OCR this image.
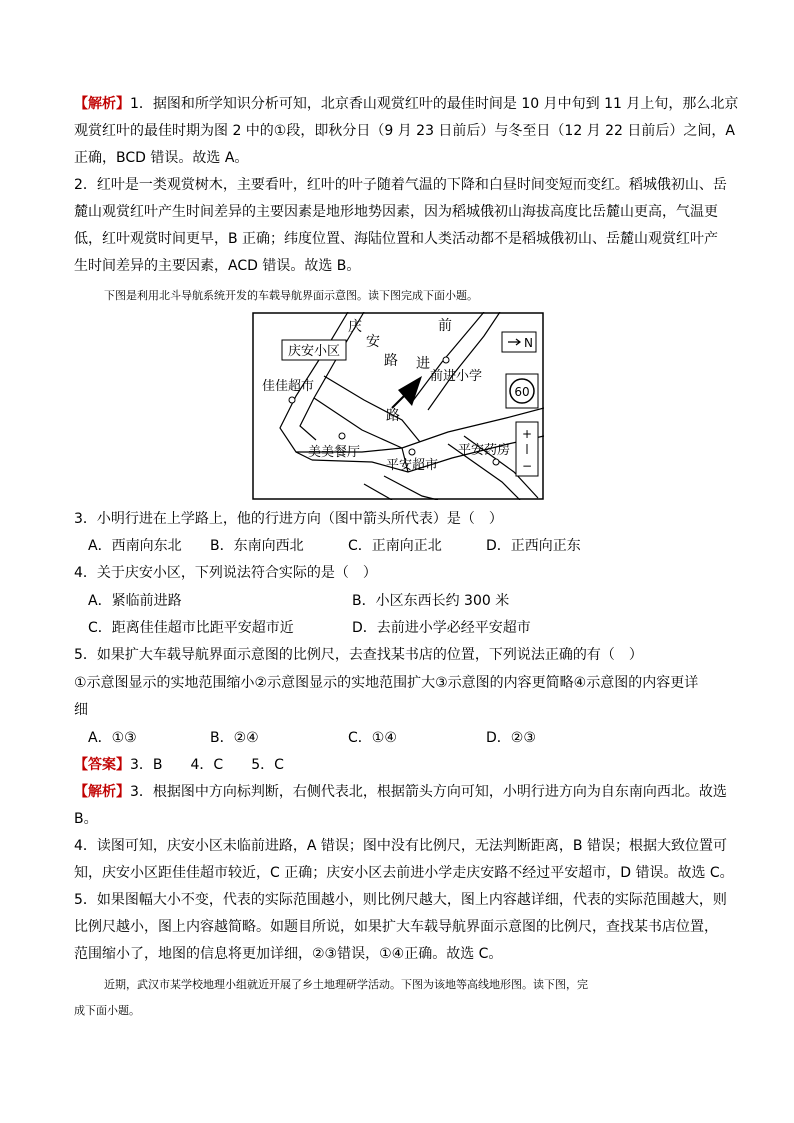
【解析】1．据图和所学知识分析可知，北京香山观赏红叶的最佳时间是 10 月中旬到 11 月上旬，那么北京
观赏红叶的最佳时期为图 2 中的①段，即秋分日（9 月 23 日前后）与冬至日（12 月 22 日前后）之间，A
正确，BCD 错误。故选 A。
2．红叶是一类观赏树木，主要看叶，红叶的叶子随着气温的下降和白昼时间变短而变红。稻城俄初山、岳
麓山观赏红叶产生时间差异的主要因素是地形地势因素，因为稻城俄初山海拔高度比岳麓山更高，气温更
低，红叶观赏时间更早，B 正确；纬度位置、海陆位置和人类活动都不是稻城俄初山、岳麓山观赏红叶产
生时间差异的主要因素，ACD 错误。故选 B。
下图是利用北斗导航系统开发的车载导航界面示意图。读下图完成下面小题。
庆安小区
庆
安
路
前
进
路
佳佳超市
前进小学
美美餐厅
平安超市
平安药房
N
60
+
−
3．小明行进在上学路上，他的行进方向（图中箭头所代表）是（　）
A．西南向东北 B．东南向西北	C．正南向正北	D．正西向正东
4．关于庆安小区，下列说法符合实际的是（　）
A．紧临前进路	B．小区东西长约 300 米
C．距离佳佳超市比距平安超市近	D．去前进小学必经平安超市
5．如果扩大车载导航界面示意图的比例尺，去查找某书店的位置，下列说法正确的有（　）
①示意图显示的实地范围缩小②示意图显示的实地范围扩大③示意图的内容更简略④示意图的内容更详
细
A．①③	B．②④	C．①④	D．②③
【答案】3．B　　4．C　　5．C
【解析】3．根据图中方向标判断，右侧代表北，根据箭头方向可知，小明行进方向为自东南向西北。故选
B。
4．读图可知，庆安小区未临前进路，A 错误；图中没有比例尺，无法判断距离，B 错误；根据大致位置可
知，庆安小区距佳佳超市较近，C 正确；庆安小区去前进小学走庆安路不经过平安超市，D 错误。故选 C。
5．如果图幅大小不变，代表的实际范围越小，则比例尺越大，图上内容越详细，代表的实际范围越大，则
比例尺越小，图上内容越简略。如题目所说，如果扩大车载导航界面示意图的比例尺，查找某书店位置，
范围缩小了，地图的信息将更加详细，②③错误，①④正确。故选 C。
近期，武汉市某学校地理小组就近开展了乡土地理研学活动。下图为该地等高线地形图。读下图，完
成下面小题。
